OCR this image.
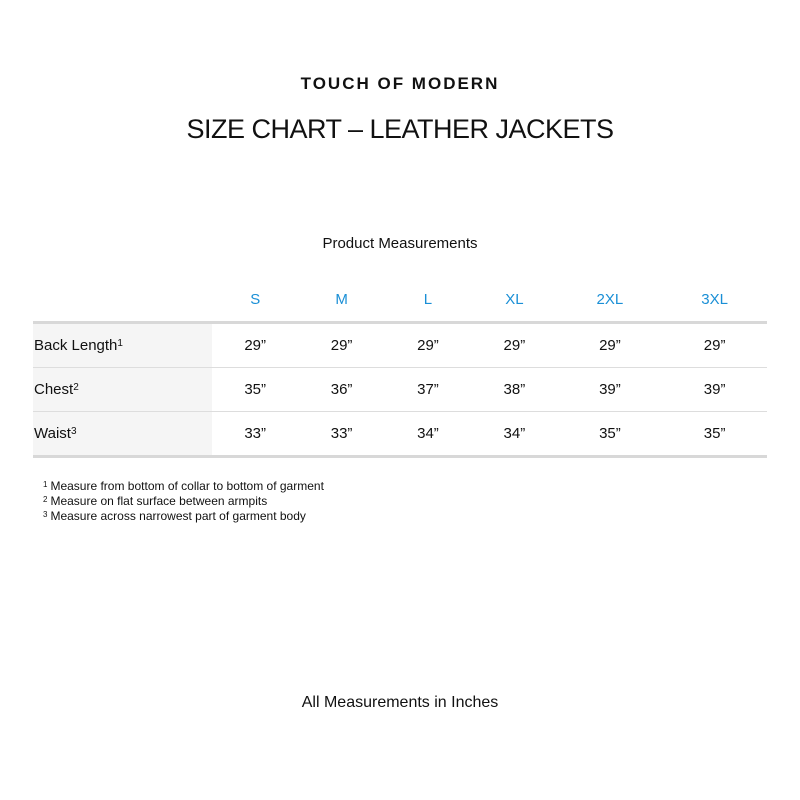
TOUCH OF MODERN
SIZE CHART – LEATHER JACKETS
Product Measurements
	S	M	L	XL	2XL	3XL
Back Length$^1$	29”	29”	29”	29”	29”	29”
Chest$^2$	35”	36”	37”	38”	39”	39”
Waist$^3$	33”	33”	34”	34”	35”	35”
$^1$ Measure from bottom of collar to bottom of garment
$^2$ Measure on flat surface between armpits
$^3$ Measure across narrowest part of garment body
All Measurements in Inches
